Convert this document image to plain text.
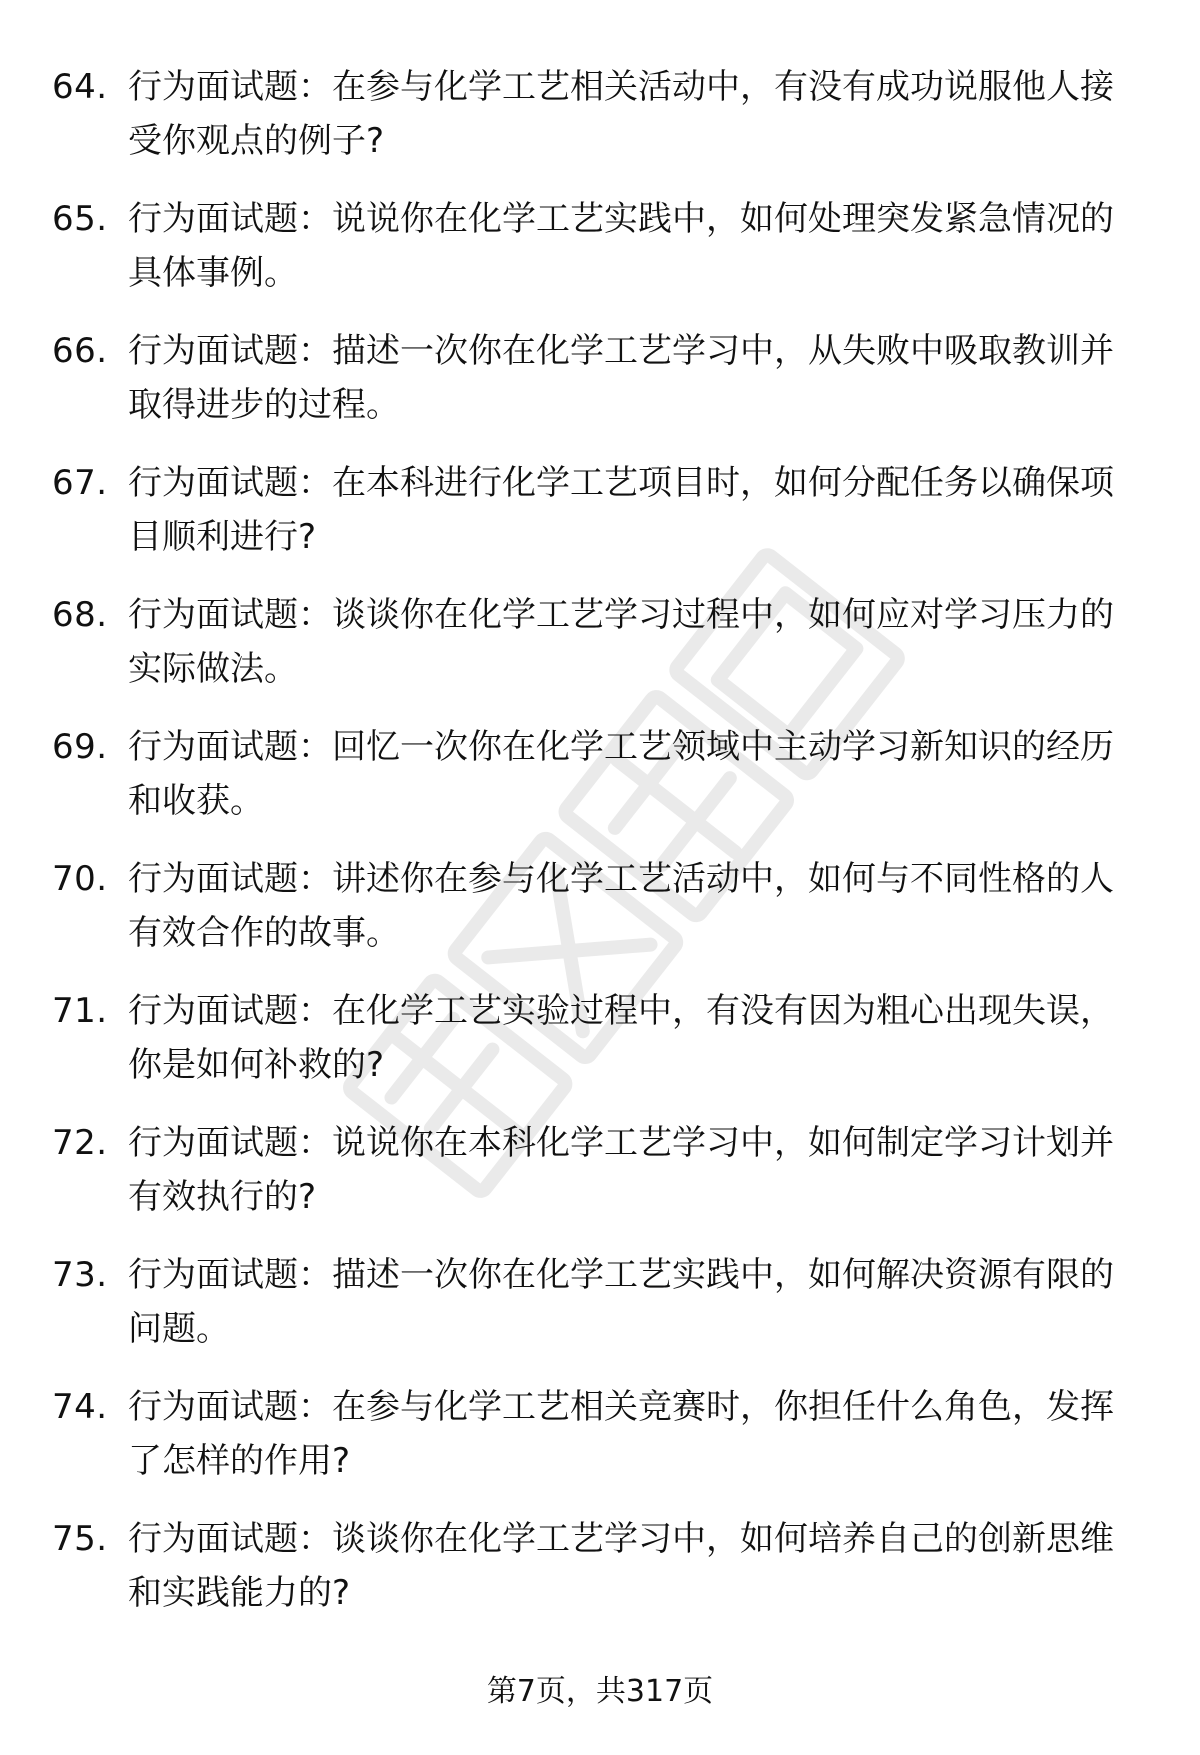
64. 行为面试题：在参与化学工艺相关活动中，有没有成功说服他人接受你观点的例子?
65. 行为面试题：说说你在化学工艺实践中，如何处理突发紧急情况的具体事例。
66. 行为面试题：描述一次你在化学工艺学习中，从失败中吸取教训并取得进步的过程。
67. 行为面试题：在本科进行化学工艺项目时，如何分配任务以确保项目顺利进行?
68. 行为面试题：谈谈你在化学工艺学习过程中，如何应对学习压力的实际做法。
69. 行为面试题：回忆一次你在化学工艺领域中主动学习新知识的经历和收获。
70. 行为面试题：讲述你在参与化学工艺活动中，如何与不同性格的人有效合作的故事。
71. 行为面试题：在化学工艺实验过程中，有没有因为粗心出现失误，你是如何补救的?
72. 行为面试题：说说你在本科化学工艺学习中，如何制定学习计划并有效执行的?
73. 行为面试题：描述一次你在化学工艺实践中，如何解决资源有限的问题。
74. 行为面试题：在参与化学工艺相关竞赛时，你担任什么角色，发挥了怎样的作用?
75. 行为面试题：谈谈你在化学工艺学习中，如何培养自己的创新思维和实践能力的?
第7页，共317页
